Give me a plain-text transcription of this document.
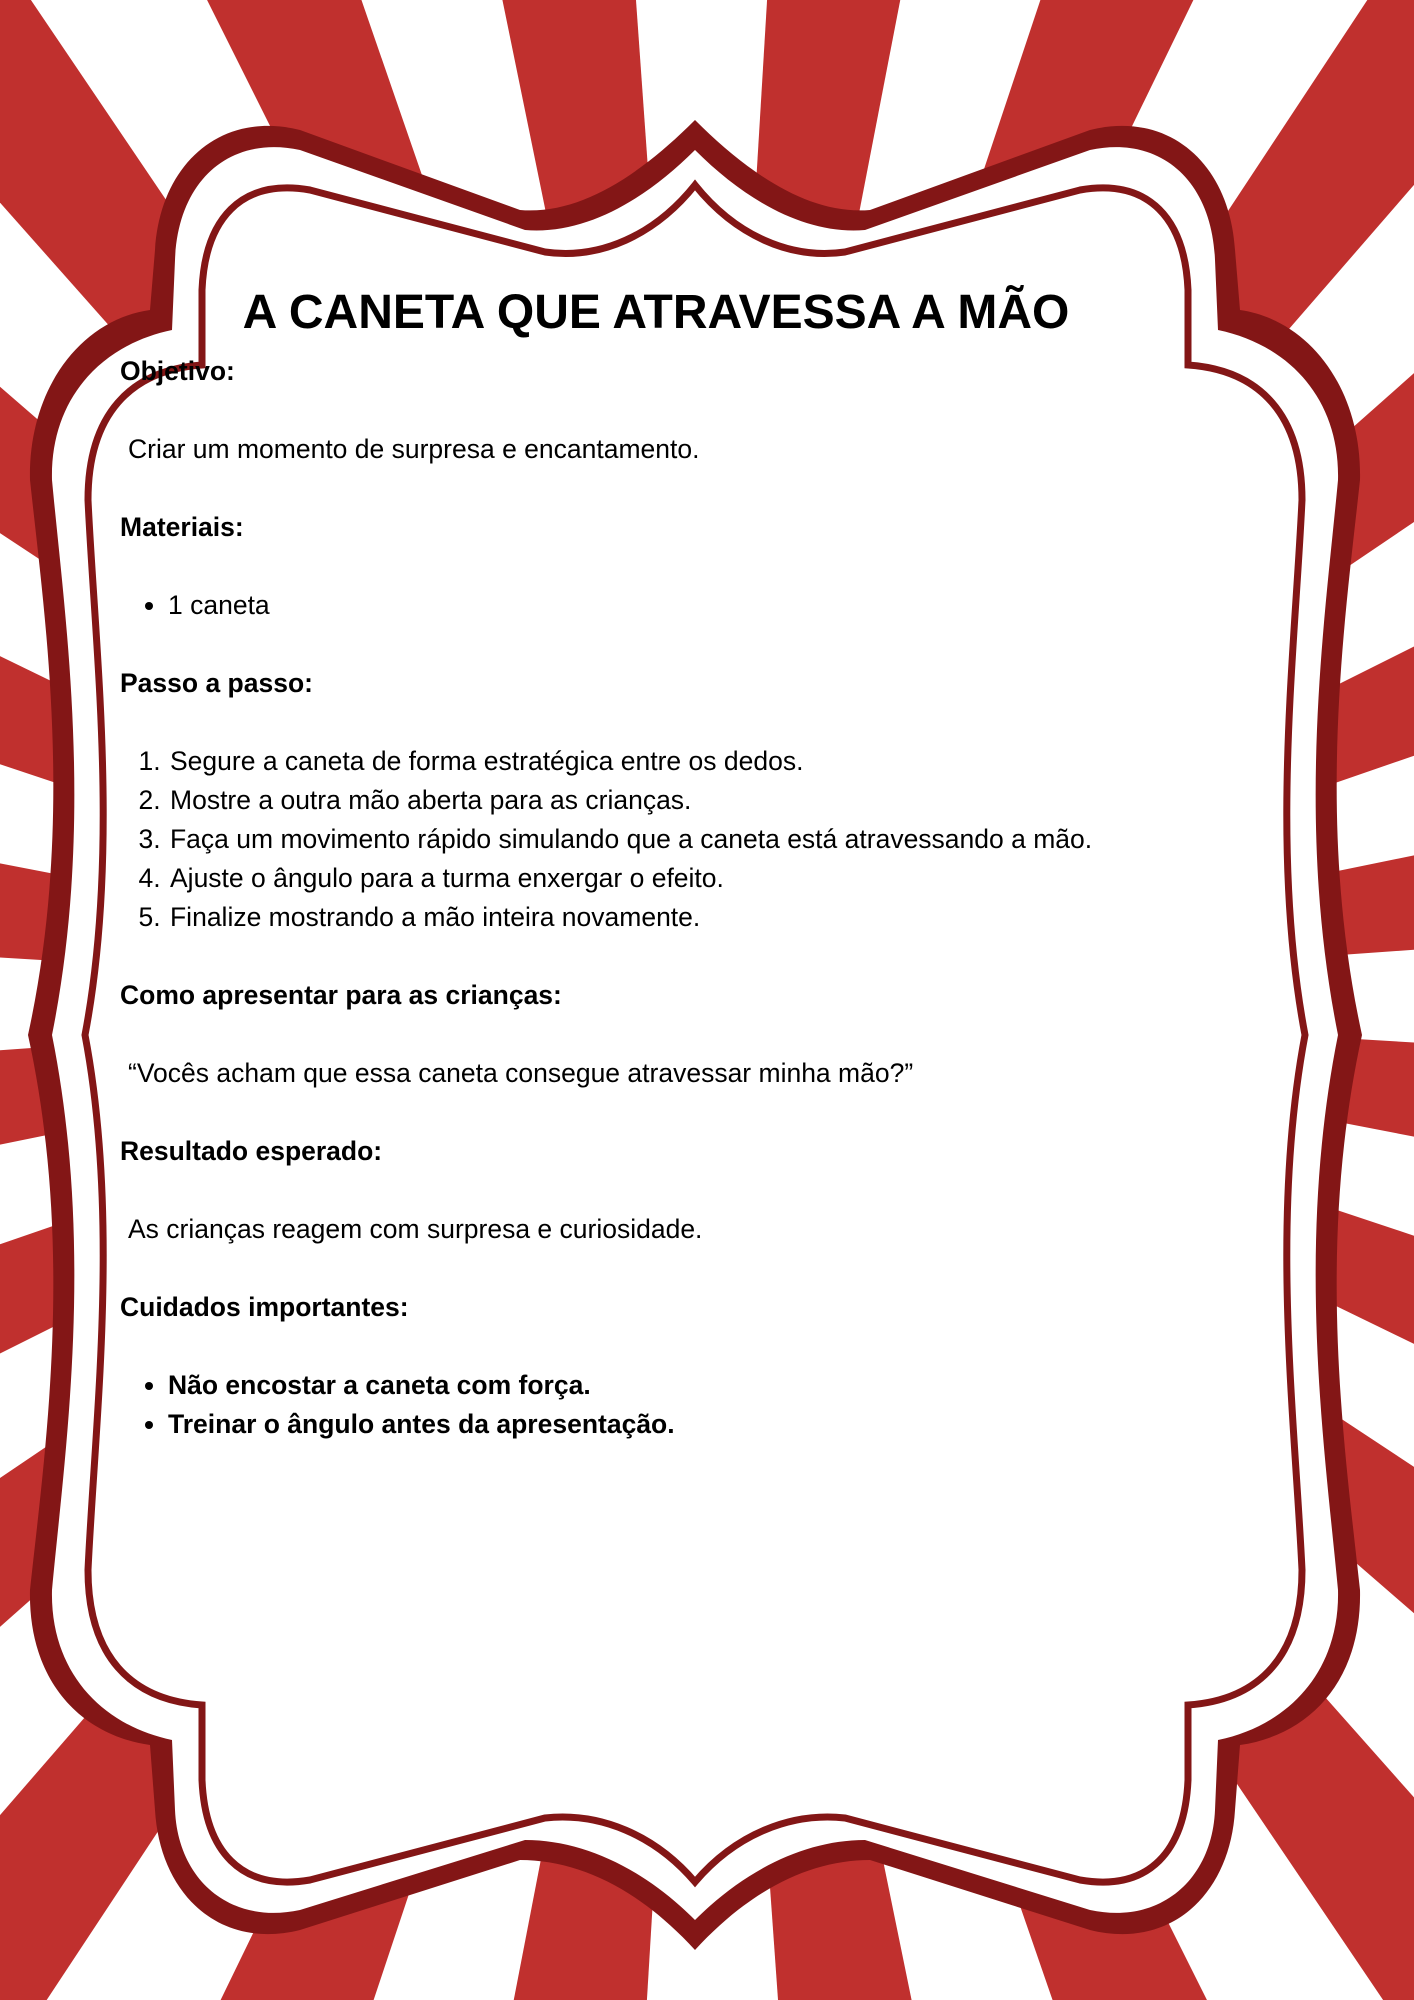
A CANETA QUE ATRAVESSA A MÃO

Objetivo:

Criar um momento de surpresa e encantamento.

Materiais:

• 1 caneta

Passo a passo:

1. Segure a caneta de forma estratégica entre os dedos.
2. Mostre a outra mão aberta para as crianças.
3. Faça um movimento rápido simulando que a caneta está atravessando a mão.
4. Ajuste o ângulo para a turma enxergar o efeito.
5. Finalize mostrando a mão inteira novamente.

Como apresentar para as crianças:

“Vocês acham que essa caneta consegue atravessar minha mão?”

Resultado esperado:

As crianças reagem com surpresa e curiosidade.

Cuidados importantes:

• Não encostar a caneta com força.
• Treinar o ângulo antes da apresentação.
